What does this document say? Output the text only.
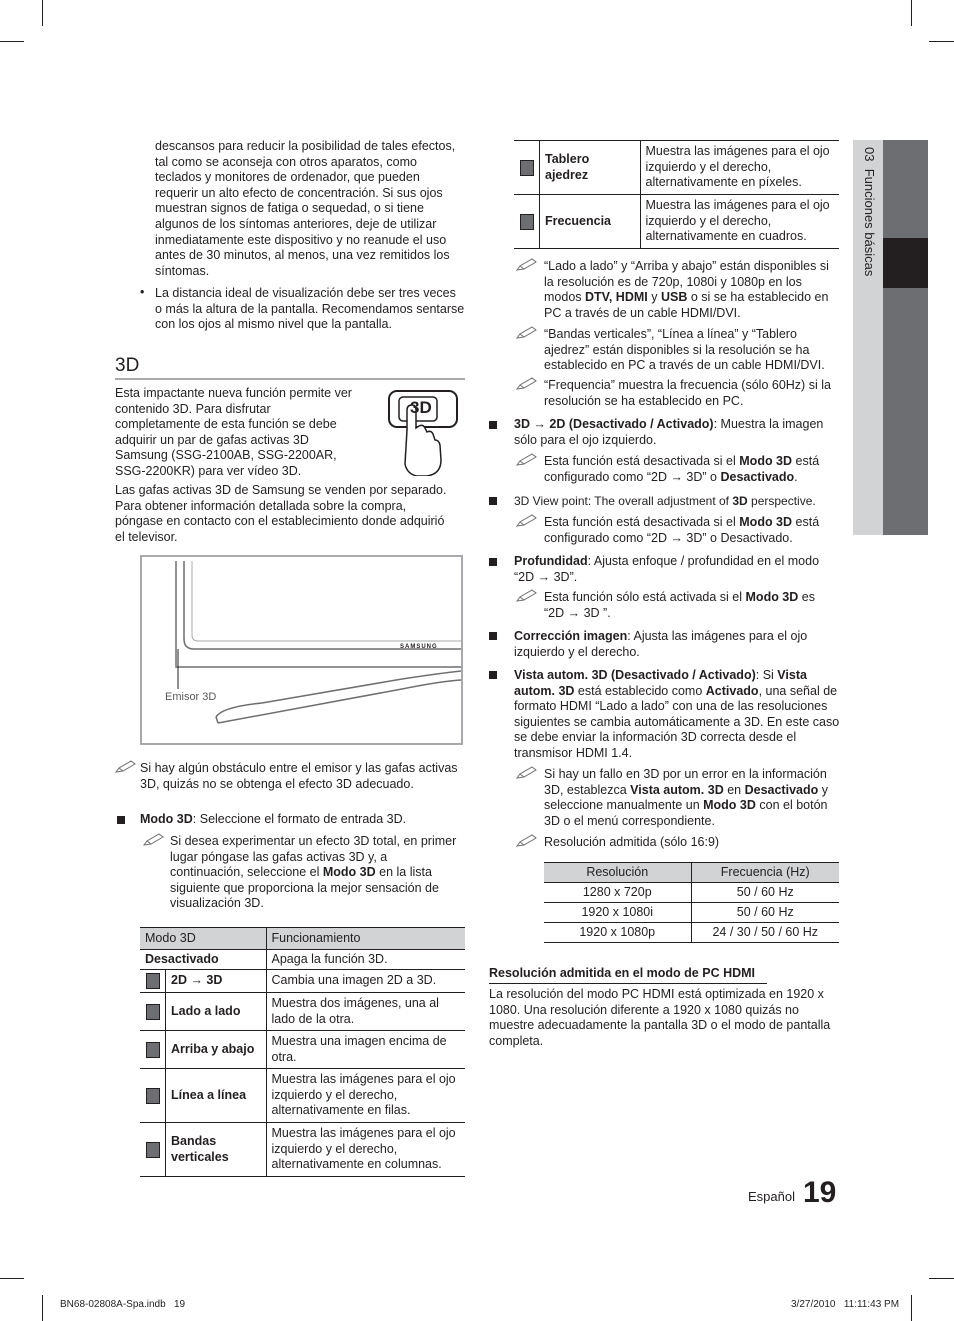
03  Funciones básicas
descansos para reducir la posibilidad de tales efectos, tal como se aconseja con otros aparatos, como teclados y monitores de ordenador, que pueden requerir un alto efecto de concentración. Si sus ojos muestran signos de fatiga o sequedad, o si tiene algunos de los síntomas anteriores, deje de utilizar inmediatamente este dispositivo y no reanude el uso antes de 30 minutos, al menos, una vez remitidos los síntomas.
• La distancia ideal de visualización debe ser tres veces o más la altura de la pantalla. Recomendamos sentarse con los ojos al mismo nivel que la pantalla.
3D
Esta impactante nueva función permite ver contenido 3D. Para disfrutar completamente de esta función se debe adquirir un par de gafas activas 3D Samsung (SSG-2100AB, SSG-2200AR, SSG-2200KR) para ver vídeo 3D.
3D
Las gafas activas 3D de Samsung se venden por separado. Para obtener información detallada sobre la compra, póngase en contacto con el establecimiento donde adquirió el televisor.
SAMSUNG
Emisor 3D
Si hay algún obstáculo entre el emisor y las gafas activas 3D, quizás no se obtenga el efecto 3D adecuado.
Modo 3D: Seleccione el formato de entrada 3D.
Si desea experimentar un efecto 3D total, en primer lugar póngase las gafas activas 3D y, a continuación, seleccione el Modo 3D en la lista siguiente que proporciona la mejor sensación de visualización 3D.
Modo 3D	Funcionamiento
Desactivado	Apaga la función 3D.

2D → 3D	Cambia una imagen 2D a 3D.

Lado a lado	Muestra dos imágenes, una al lado de la otra.

Arriba y abajo	Muestra una imagen encima de otra.

Línea a línea	Muestra las imágenes para el ojo izquierdo y el derecho, alternativamente en filas.

Bandas verticales	Muestra las imágenes para el ojo izquierdo y el derecho, alternativamente en columnas.
Tablero ajedrez	Muestra las imágenes para el ojo izquierdo y el derecho, alternativamente en píxeles.

Frecuencia	Muestra las imágenes para el ojo izquierdo y el derecho, alternativamente en cuadros.
“Lado a lado” y “Arriba y abajo” están disponibles si la resolución es de 720p, 1080i y 1080p en los modos DTV, HDMI y USB o si se ha establecido en PC a través de un cable HDMI/DVI.
“Bandas verticales”, “Línea a línea” y “Tablero ajedrez” están disponibles si la resolución se ha establecido en PC a través de un cable HDMI/DVI.
“Frequencia” muestra la frecuencia (sólo 60Hz) si la resolución se ha establecido en PC.
3D → 2D (Desactivado / Activado): Muestra la imagen sólo para el ojo izquierdo.
Esta función está desactivada si el Modo 3D está configurado como “2D → 3D” o Desactivado.
3D View point: The overall adjustment of 3D perspective.
Esta función está desactivada si el Modo 3D está configurado como “2D → 3D” o Desactivado.
Profundidad: Ajusta enfoque / profundidad en el modo “2D → 3D”.
Esta función sólo está activada si el Modo 3D es “2D → 3D ”.
Corrección imagen: Ajusta las imágenes para el ojo izquierdo y el derecho.
Vista autom. 3D (Desactivado / Activado): Si Vista autom. 3D está establecido como Activado, una señal de formato HDMI “Lado a lado” con una de las resoluciones siguientes se cambia automáticamente a 3D. En este caso se debe enviar la información 3D correcta desde el transmisor HDMI 1.4.
Si hay un fallo en 3D por un error en la información 3D, establezca Vista autom. 3D en Desactivado y seleccione manualmente un Modo 3D con el botón 3D o el menú correspondiente.
Resolución admitida (sólo 16:9)
Resolución	Frecuencia (Hz)
1280 x 720p	50 / 60 Hz
1920 x 1080i	50 / 60 Hz
1920 x 1080p	24 / 30 / 50 / 60 Hz
Resolución admitida en el modo de PC HDMI
La resolución del modo PC HDMI está optimizada en 1920 x 1080. Una resolución diferente a 1920 x 1080 quizás no muestre adecuadamente la pantalla 3D o el modo de pantalla completa.
Español 19
BN68-02808A-Spa.indb   19	3/27/2010   11:11:43 PM
